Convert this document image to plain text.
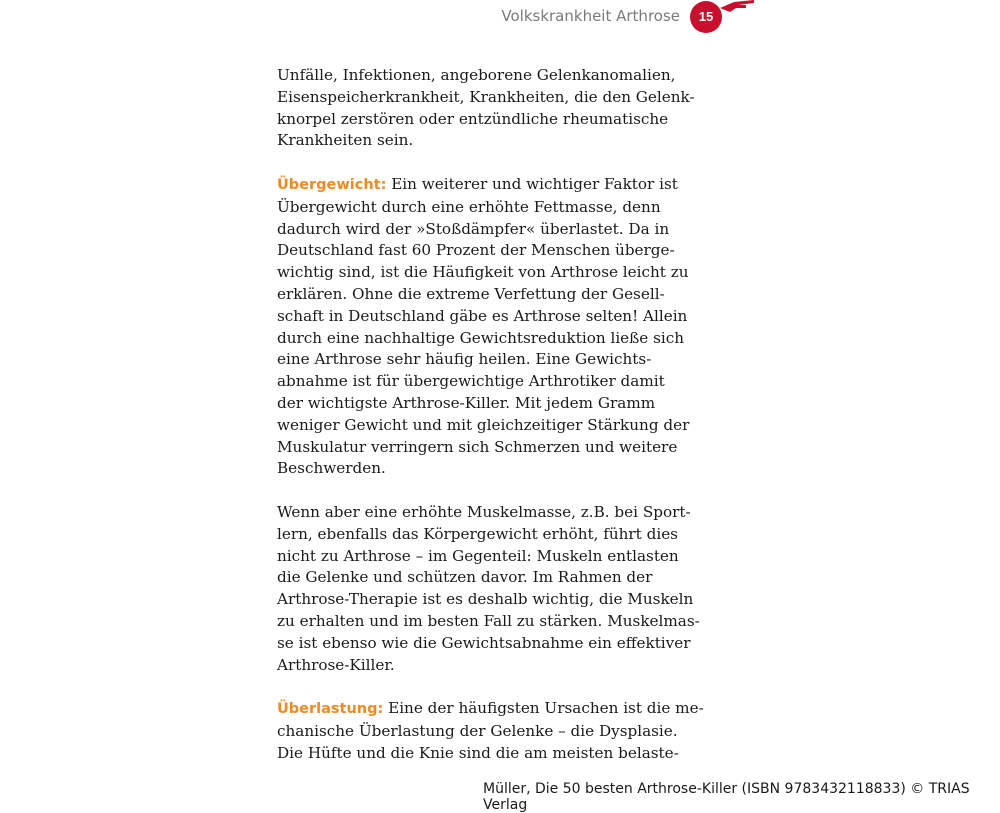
Volkskrankheit Arthrose	15
Unfälle, Infektionen, angeborene Gelenkanomalien,
Eisenspeicherkrankheit, Krankheiten, die den Gelenk-
knorpel zerstören oder entzündliche rheumatische
Krankheiten sein.
Übergewicht: Ein weiterer und wichtiger Faktor ist
Übergewicht durch eine erhöhte Fettmasse, denn
dadurch wird der »Stoßdämpfer« überlastet. Da in
Deutschland fast 60 Prozent der Menschen überge-
wichtig sind, ist die Häufigkeit von Arthrose leicht zu
erklären. Ohne die extreme Verfettung der Gesell-
schaft in Deutschland gäbe es Arthrose selten! Allein
durch eine nachhaltige Gewichtsreduktion ließe sich
eine Arthrose sehr häufig heilen. Eine Gewichts-
abnahme ist für übergewichtige Arthrotiker damit
der wichtigste Arthrose-Killer. Mit jedem Gramm
weniger Gewicht und mit gleichzeitiger Stärkung der
Muskulatur verringern sich Schmerzen und weitere
Beschwerden.
Wenn aber eine erhöhte Muskelmasse, z.B. bei Sport-
lern, ebenfalls das Körpergewicht erhöht, führt dies
nicht zu Arthrose – im Gegenteil: Muskeln entlasten
die Gelenke und schützen davor. Im Rahmen der
Arthrose-Therapie ist es deshalb wichtig, die Muskeln
zu erhalten und im besten Fall zu stärken. Muskelmas-
se ist ebenso wie die Gewichtsabnahme ein effektiver
Arthrose-Killer.
Überlastung: Eine der häufigsten Ursachen ist die me-
chanische Überlastung der Gelenke – die Dysplasie.
Die Hüfte und die Knie sind die am meisten belaste-
Müller, Die 50 besten Arthrose-Killer (ISBN 9783432118833) © TRIAS Verlag
